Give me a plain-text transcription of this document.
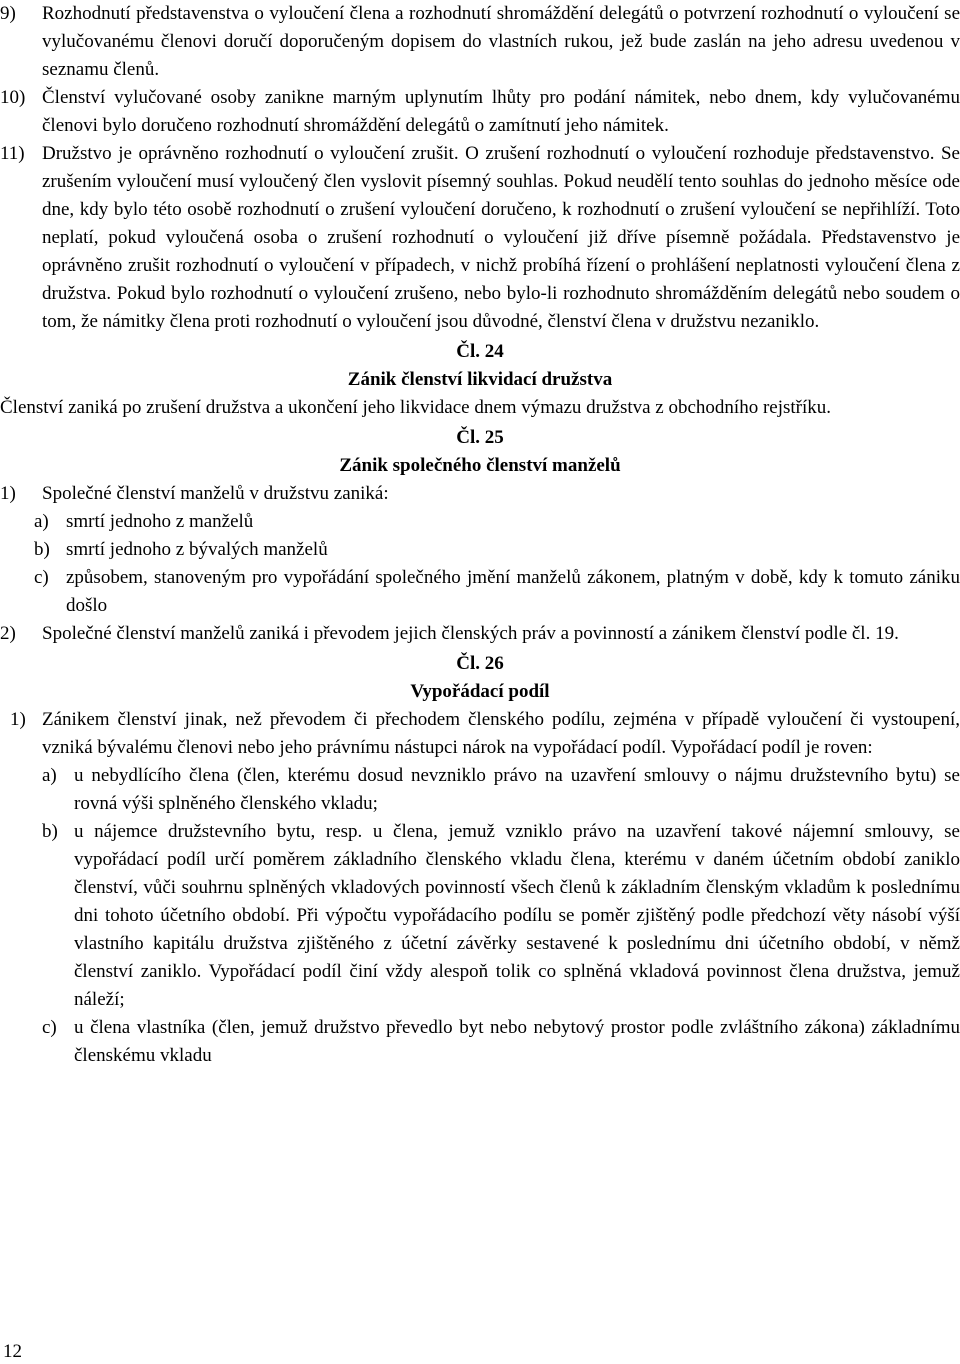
9)	Rozhodnutí představenstva o vyloučení člena a rozhodnutí shromáždění delegátů o potvrzení rozhodnutí o vyloučení se vylučovanému členovi doručí doporučeným dopisem do vlastních rukou, jež bude zaslán na jeho adresu uvedenou v seznamu členů.
10) Členství vylučované osoby zanikne marným uplynutím lhůty pro podání námitek, nebo dnem, kdy vylučovanému členovi bylo doručeno rozhodnutí shromáždění delegátů o zamítnutí jeho námitek.
11) Družstvo je oprávněno rozhodnutí o vyloučení zrušit. O zrušení rozhodnutí o vyloučení rozhoduje představenstvo. Se zrušením vyloučení musí vyloučený člen vyslovit písemný souhlas. Pokud neudělí tento souhlas do jednoho měsíce ode dne, kdy bylo této osobě rozhodnutí o zrušení vyloučení doručeno, k rozhodnutí o zrušení vyloučení se nepřihlíží. Toto neplatí, pokud vyloučená osoba o zrušení rozhodnutí o vyloučení již dříve písemně požádala. Představenstvo je oprávněno zrušit rozhodnutí o vyloučení v případech, v nichž probíhá řízení o prohlášení neplatnosti vyloučení člena z družstva. Pokud bylo rozhodnutí o vyloučení zrušeno, nebo bylo-li rozhodnuto shromážděním delegátů nebo soudem o tom, že námitky člena proti rozhodnutí o vyloučení jsou důvodné, členství člena v družstvu nezaniklo.
Čl. 24
Zánik členství likvidací družstva

Členství zaniká po zrušení družstva a ukončení jeho likvidace dnem výmazu družstva z obchodního rejstříku.

Čl. 25
Zánik společného členství manželů
1)	Společné členství manželů v družstvu zaniká:
a) smrtí jednoho z manželů
b) smrtí jednoho z bývalých manželů
c) způsobem, stanoveným pro vypořádání společného jmění manželů zákonem, platným v době, kdy k tomuto zániku došlo
2)	Společné členství manželů zaniká i převodem jejich členských práv a povinností a zánikem členství podle čl. 19.
Čl. 26
Vypořádací podíl
1) Zánikem členství jinak, než převodem či přechodem členského podílu, zejména v případě vyloučení či vystoupení, vzniká bývalému členovi nebo jeho právnímu nástupci nárok na vypořádací podíl. Vypořádací podíl je roven:
a) u nebydlícího člena (člen, kterému dosud nevzniklo právo na uzavření smlouvy o nájmu družstevního bytu) se rovná výši splněného členského vkladu;
b) u nájemce družstevního bytu, resp. u člena, jemuž vzniklo právo na uzavření takové nájemní smlouvy, se vypořádací podíl určí poměrem základního členského vkladu člena, kterému v daném účetním období zaniklo členství, vůči souhrnu splněných vkladových povinností všech členů k základním členským vkladům k poslednímu dni tohoto účetního období. Při výpočtu vypořádacího podílu se poměr zjištěný podle předchozí věty násobí výší vlastního kapitálu družstva zjištěného z účetní závěrky sestavené k poslednímu dni účetního období, v němž členství zaniklo. Vypořádací podíl činí vždy alespoň tolik co splněná vkladová povinnost člena družstva, jemuž náleží;
c) u člena vlastníka (člen, jemuž družstvo převedlo byt nebo nebytový prostor podle zvláštního zákona) základnímu členskému vkladu
12
